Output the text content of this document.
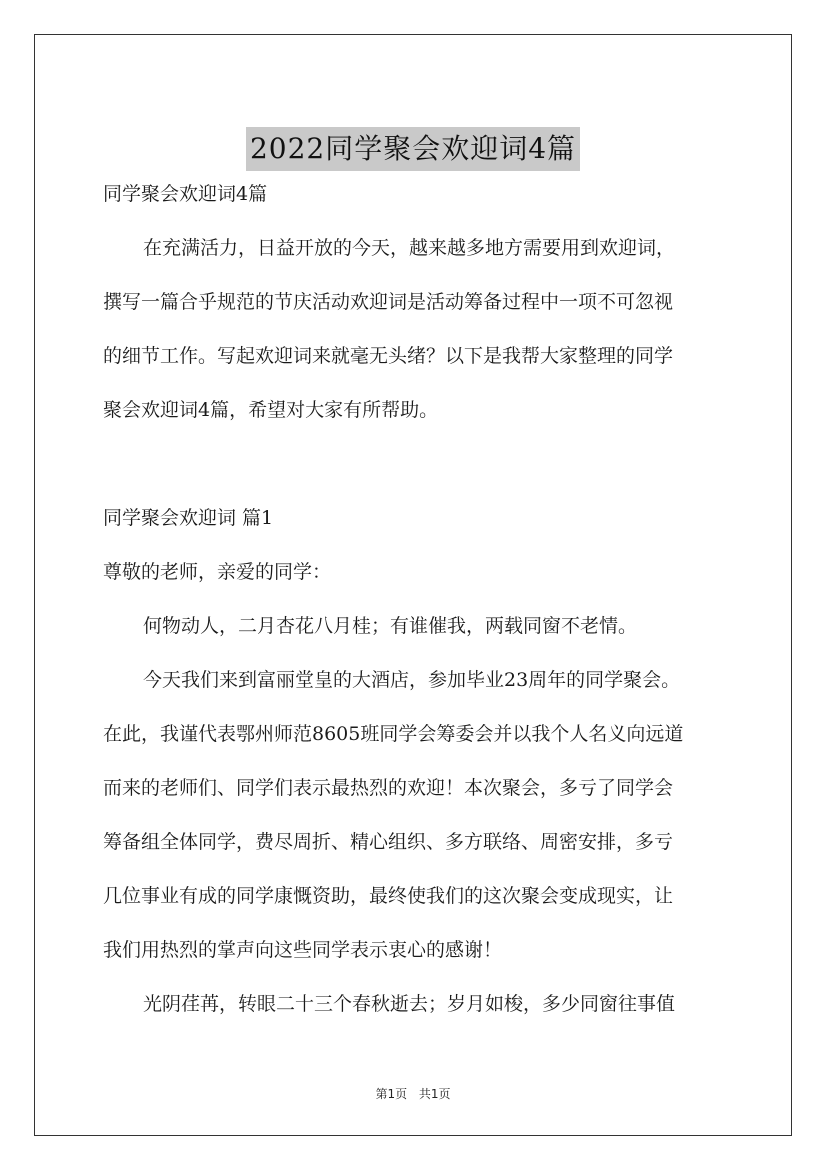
2022同学聚会欢迎词4篇
同学聚会欢迎词4篇
在充满活力，日益开放的今天，越来越多地方需要用到欢迎词，
撰写一篇合乎规范的节庆活动欢迎词是活动筹备过程中一项不可忽视
的细节工作。写起欢迎词来就毫无头绪？以下是我帮大家整理的同学
聚会欢迎词4篇，希望对大家有所帮助。
同学聚会欢迎词 篇1
尊敬的老师，亲爱的同学：
何物动人，二月杏花八月桂；有谁催我，两载同窗不老情。
今天我们来到富丽堂皇的大酒店，参加毕业23周年的同学聚会。
在此，我谨代表鄂州师范8605班同学会筹委会并以我个人名义向远道
而来的老师们、同学们表示最热烈的欢迎！本次聚会，多亏了同学会
筹备组全体同学，费尽周折、精心组织、多方联络、周密安排，多亏
几位事业有成的同学康慨资助，最终使我们的这次聚会变成现实，让
我们用热烈的掌声向这些同学表示衷心的感谢！
光阴荏苒，转眼二十三个春秋逝去；岁月如梭，多少同窗往事值
第1页 共1页
